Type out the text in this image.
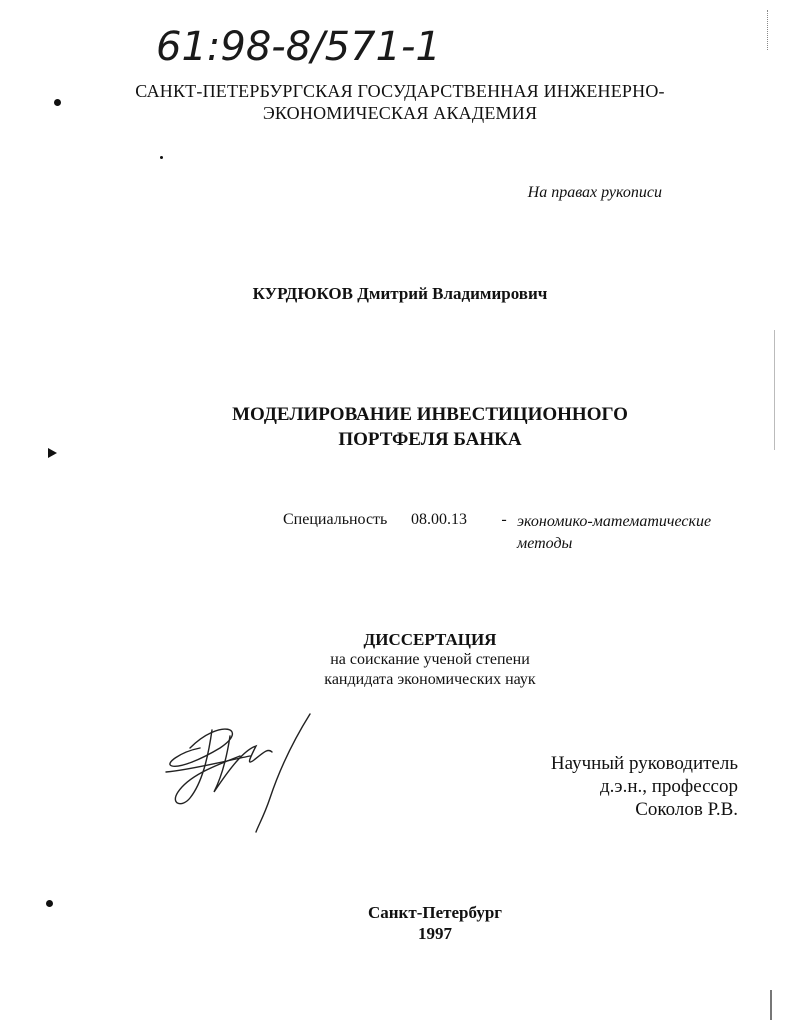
61:98-8/571-1
САНКТ-ПЕТЕРБУРГСКАЯ ГОСУДАРСТВЕННАЯ ИНЖЕНЕРНО-
ЭКОНОМИЧЕСКАЯ АКАДЕМИЯ
На правах рукописи
КУРДЮКОВ Дмитрий Владимирович
МОДЕЛИРОВАНИЕ ИНВЕСТИЦИОННОГО
ПОРТФЕЛЯ БАНКА
Специальность 08.00.13 - экономико-математические
методы
ДИССЕРТАЦИЯ
на соискание ученой степени
кандидата экономических наук
Научный руководитель
д.э.н., профессор
Соколов Р.В.
Санкт-Петербург
1997
